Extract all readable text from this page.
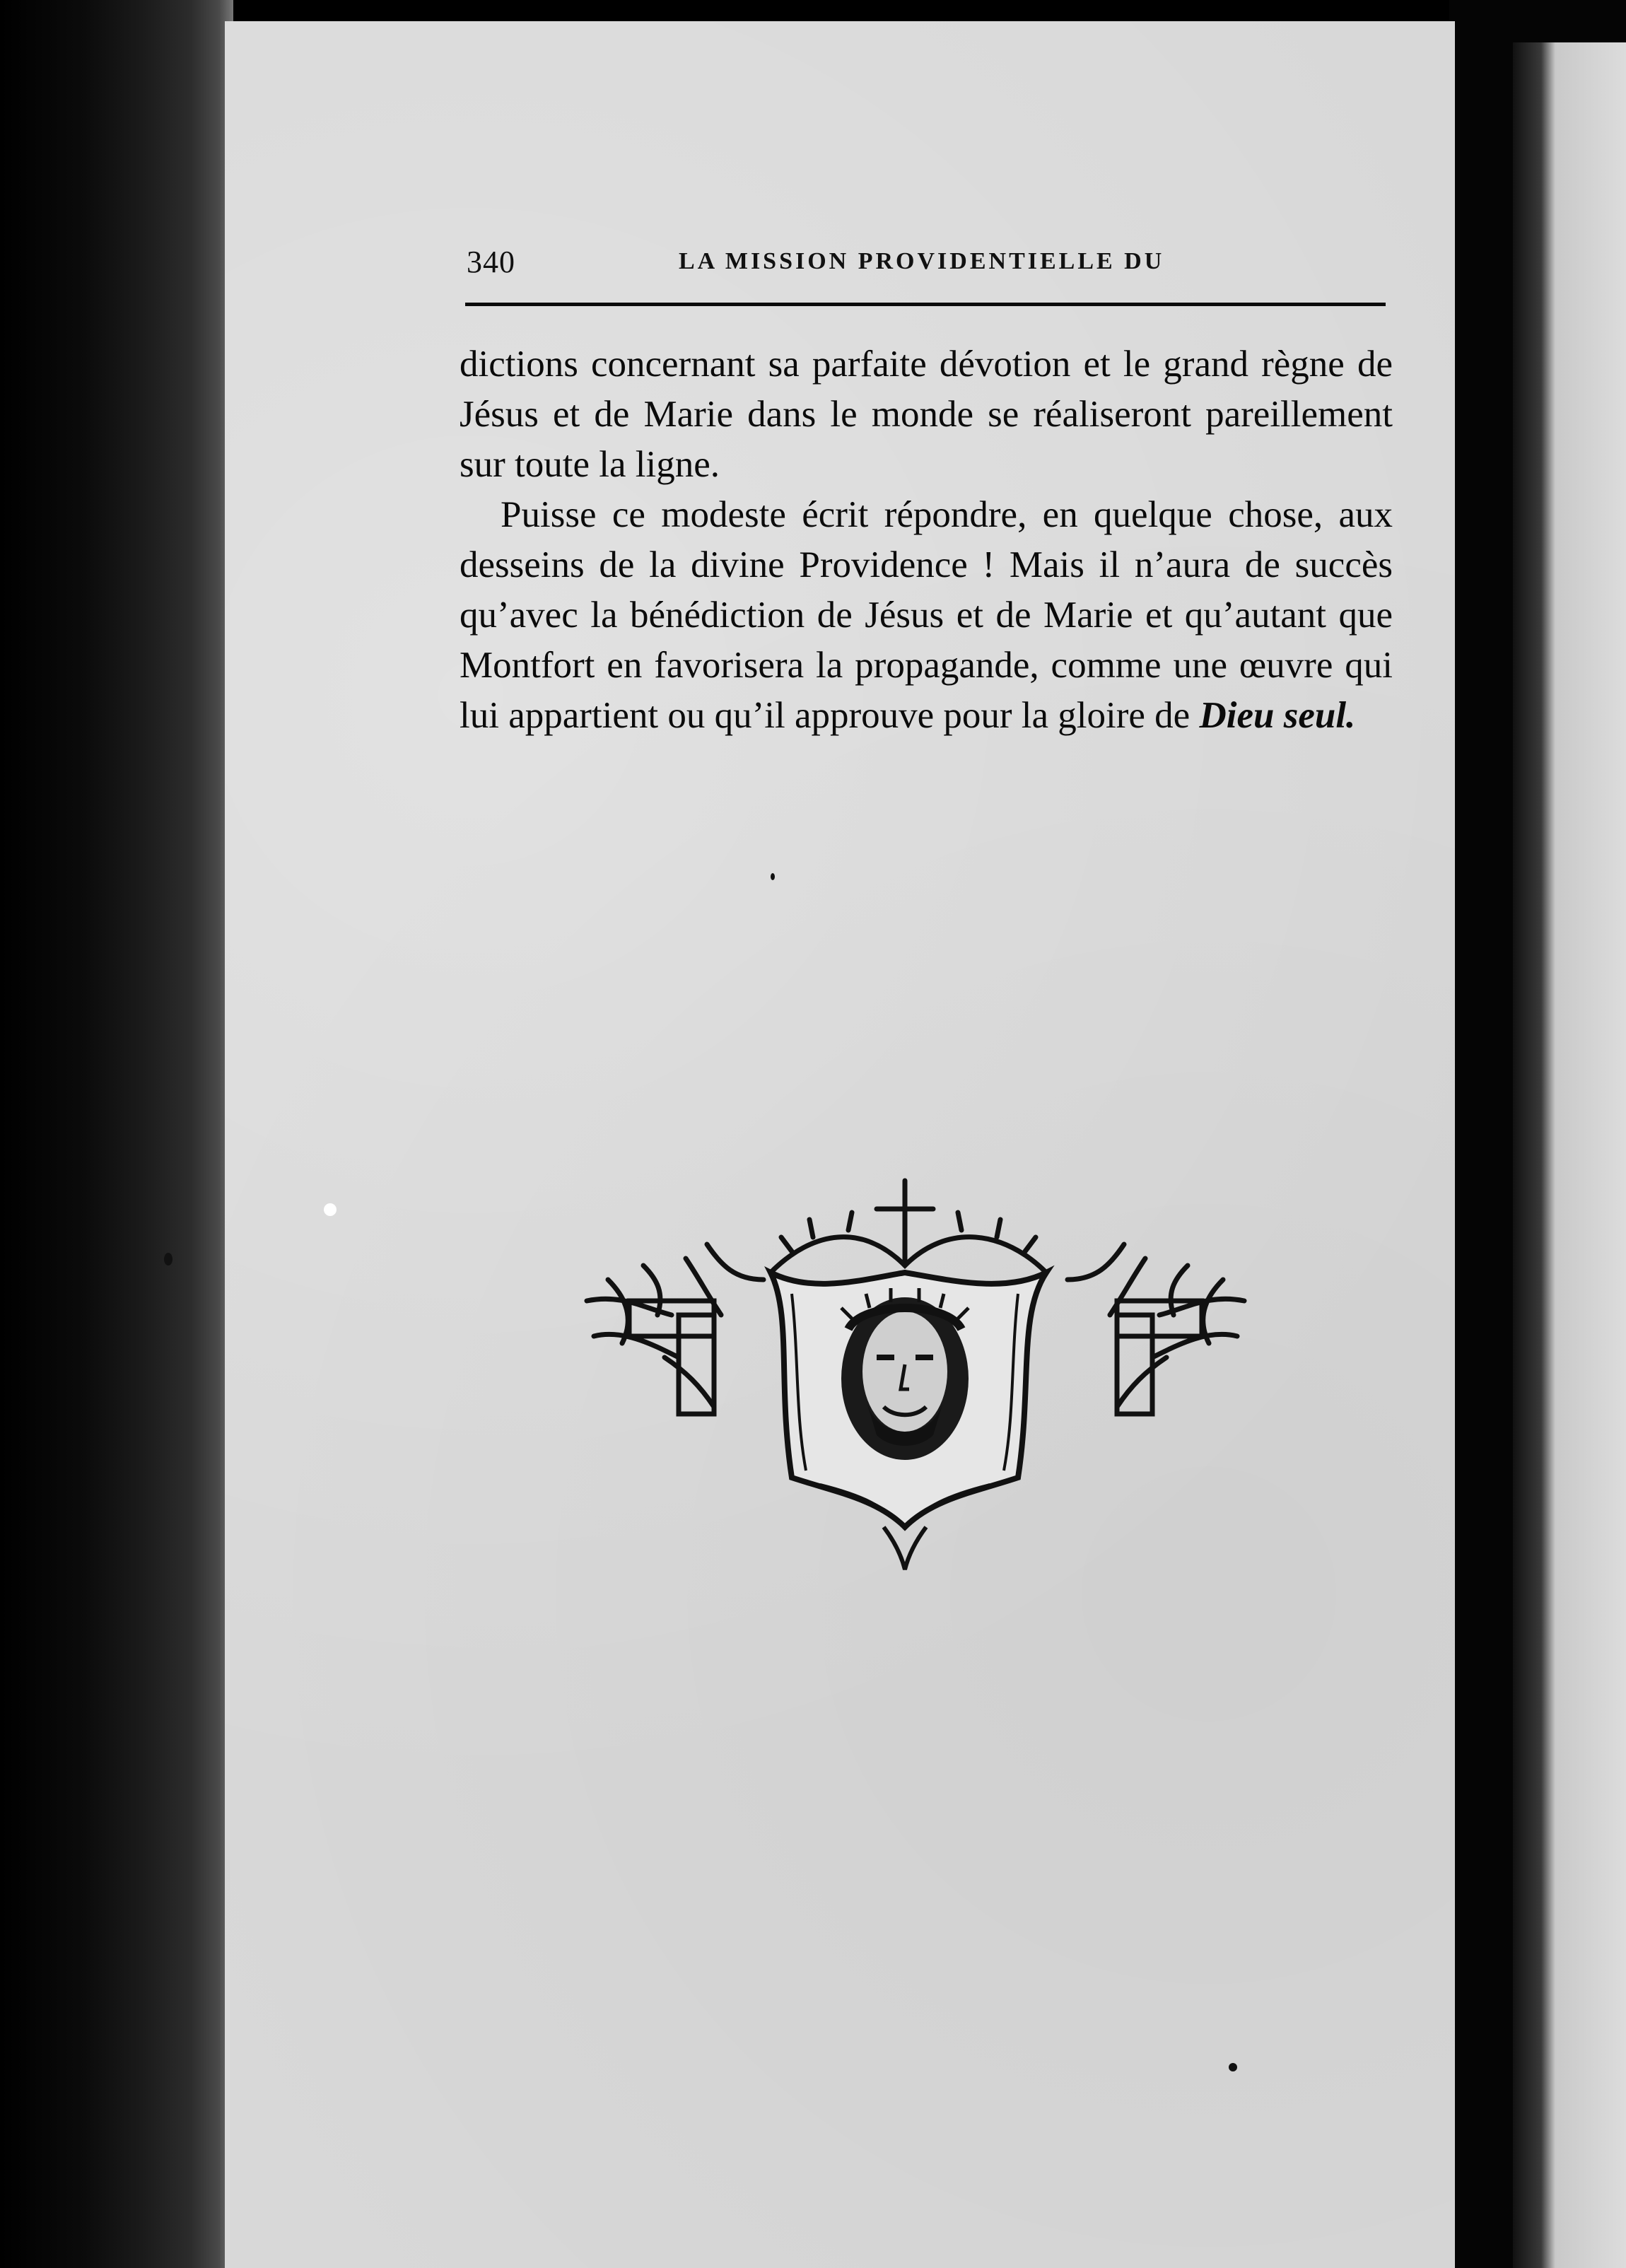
340	LA MISSION PROVIDENTIELLE DU

dictions concernant sa parfaite dévotion et le grand règne de Jésus et de Marie dans le monde se réaliseront pareillement sur toute la ligne.

Puisse ce modeste écrit répondre, en quelque chose, aux desseins de la divine Providence ! Mais il n’aura de succès qu’avec la bénédiction de Jésus et de Marie et qu’autant que Montfort en favorisera la propagande, comme une œuvre qui lui appartient ou qu’il approuve pour la gloire de Dieu seul.
